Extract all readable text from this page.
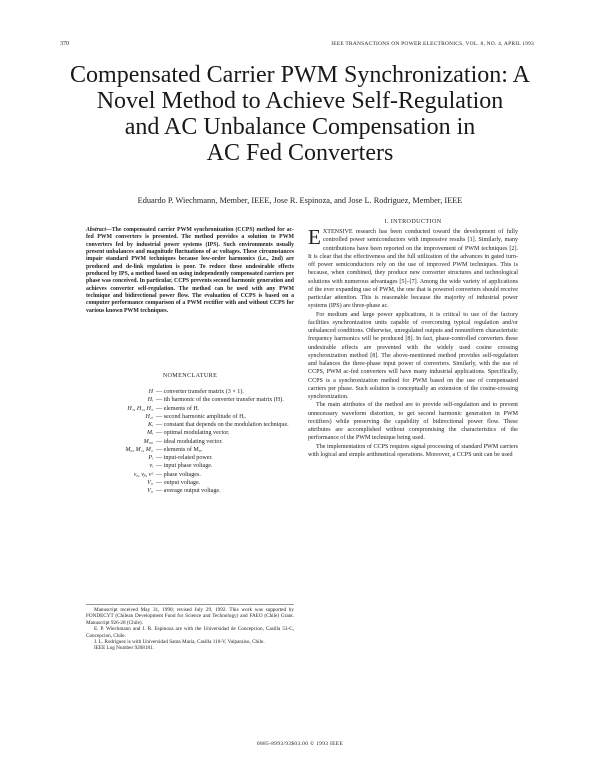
370	IEEE TRANSACTIONS ON POWER ELECTRONICS, VOL. 8, NO. 4, APRIL 1993
Compensated Carrier PWM Synchronization: A
Novel Method to Achieve Self-Regulation
and AC Unbalance Compensation in
AC Fed Converters
Eduardo P. Wiechmann, Member, IEEE, Jose R. Espinoza, and Jose L. Rodriguez, Member, IEEE
Abstract—The compensated carrier PWM synchronization (CCPS) method for ac-fed PWM converters is presented. The method provides a solution to PWM converters fed by industrial power systems (IPS). Such environments usually present unbalances and magnitude fluctuations of ac voltages. These circumstances impair standard PWM techniques because low-order harmonics (i.e., 2nd) are produced and de-link regulation is poor. To reduce these undesirable effects produced by IPS, a method based on using independently compensated carriers per phase was conceived. In particular, CCPS prevents second harmonic generation and achieves converter self-regulation. The method can be used with any PWM technique and bidirectional power flow. The evaluation of CCPS is based on a computer performance comparison of a PWM rectifier with and without CCPS for various known PWM techniques.
NOMENCLATURE
H — converter transfer matrix (3 × 1).
Hᵢ — ith harmonic of the converter transfer matrix (H).
H₁, H₂, H₃ — elements of H.
H₂ᵢ — second harmonic amplitude of Hᵢ.
Kᵢ — constant that depends on the modulation technique.
Mᵢ — optimal modulating vector.
M₀₀ — ideal modulating vector.
M₀, M₁, M₂ — elements of M₀.
Pᵢ — input-related power.
vᵢ — input phase voltage.
vₐ, vᵦ, vᶜ — phase voltages.
V₀ — output voltage.
V₀ — average output voltage.

Manuscript received May 31, 1990; revised July 29, 1992. This work was supported by FONDECYT (Chilean Development Fund for Science and Technology) and FAEO (Chile) Grant. Manuscript 926-28 (Chile).

E. P. Wiechmann and J. R. Espinoza are with the Universidad de Concepcion, Casilla 53-C, Concepcion, Chile.

J. L. Rodriguez is with Universidad Santa Maria, Casilla 110-V, Valparaiso, Chile.

IEEE Log Number 9208181.

I. INTRODUCTION

EXTENSIVE research has been conducted toward the development of fully controlled power semiconductors with impressive results [1]. Similarly, many contributions have been reported on the improvement of PWM techniques [2]. It is clear that the effectiveness and the full utilization of the advances in gated turn-off power semiconductors rely on the use of improved PWM techniques. This is because, when combined, they produce new converter structures and technological solutions with numerous advantages [5]–[7]. Among the wide variety of applications of the ever expanding use of PWM, the one that is powered converters should receive particular attention. This is reasonable because the majority of industrial power systems (IPS) are three-phase ac.

For medium and large power applications, it is critical to use of the factory facilities synchronization units capable of overcoming typical regulation and/or unbalanced conditions. Otherwise, unregulated outputs and nonuniform characteristic frequency harmonics will be produced [8]. In fact, phase-controlled converters these undesirable effects are prevented with the widely used cosine crossing synchronization method [8]. The above-mentioned method provides self-regulation and balances the three-phase input power of converters. Similarly, with the use of CCPS, PWM ac-fed converters will have many industrial applications. Specifically, CCPS is a synchronization method for PWM based on the use of compensated carriers per phase. Such solution is conceptually an extension of the cosine-crossing synchronization.

The main attributes of the method are to provide self-regulation and to prevent unnecessary waveform distortion, to get second harmonic generation in PWM rectifiers) while preserving the capability of bidirectional power flow. These attributes are accomplished without compromising the characteristics of the performance of the PWM technique being used.

The implementation of CCPS requires signal processing of standard PWM carriers with logical and simple arithmetical operations. Moreover, a CCPS unit can be used

0885-8993/93$03.00 © 1993 IEEE
